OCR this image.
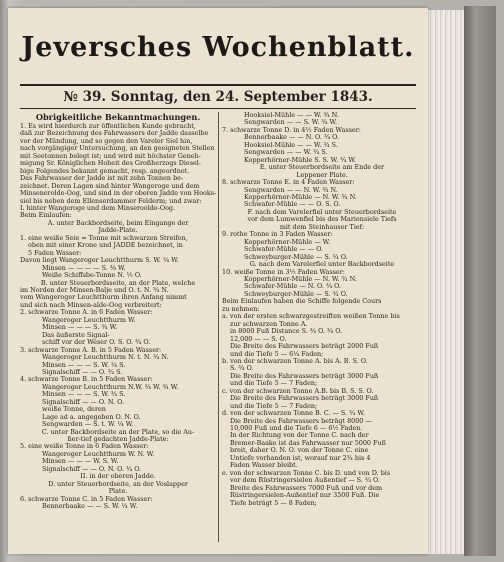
Jeversches Wochenblatt.
№ 39. Sonntag, den 24. September 1843.
Obrigkeitliche Bekanntmachungen.
1. Es wird hierdurch zur öffentlichen Kunde gebracht,
daß zur Bezeichnung des Fahrwassers der Jadde dasselbe
vor der Mündung, und so gegen den Vareler Siel hin,
nach vorgängiger Untersuchung, an den geeigneten Stellen
mit Seetonnen belegt ist; und wird mit höchster Geneh-
migung Sr. Königlichen Hoheit des Großherzogs Diesel-
bige Folgendes bekannt gemacht, resp. angeordnet.
Das Fahrwasser der Jadde ist mit zehn Tonnen be-
zeichnet. Deren Lagen sind hinter Wangeroge und dem
Minsenerolde-Oog, und sind in der oberen Jadde von Hooks-
siel bis neben dem Ellenserdammer Felderm; und zwar:
I. hinter Wangeroge und dem Minseroolde-Oog.
Beim Einlaufen:
A. unter Backbordseite, beim Eingange der
Jadde-Plate.
1. eine weiße Seie = Tonne mit schwarzen Streifen,
oben mit einer Krone und JADDE bezeichnet, in
5 Faden Wasser:
Davon liegt Wangeroger Leuchtthurm S. W. ¼ W.
Minsen — — — — S. ⅜ W.
Weiße Schiffsbe-Tonne N. ½ O.
B. unter Steuerbordsseite, an der Plate, welche
im Norden der Minsen-Balje und O. t. N. ¾ N.
vom Wangeroger Leuchtthurm ihren Anfang nimmt
und sich nach Minsen-alde-Oog verbreitert:
2. schwarze Tonne A. in 6 Faden Wasser:
Wangeroger Leuchtthurm W.
Minsen — — — S. ¾ W.
Das äußerste Signal-
schiff vor der Weser O. S. O. ¾ O.
3. schwarze Tonne A. B. in 5 Faden Wasser:
Wangeroger Leuchtthurm N. t. N. ¾ N.
Minsen — — — S. W. ¼ S.
Signalschiff — — O. ¾ S.
4. schwarze Tonne B. in 5 Faden Wasser:
Wangeroger Leuchtthurm N.W. ¾ W. ¾ W.
Minsen — — — S. W. ¾ S.
Signalschiff — — O. N. O.
weiße Tonne, deren
Lage ad a. angegeben O. N. O.
Sengwarden — S. t. W. ¼ W.
C. unter Backbordseite an der Plate, so die Au-
ßer-tief gedachten Jadde-Plate:
5. eine weiße Tonne in 6 Faden Wasser:
Wangeroger Leuchtthurm W. N. W.
Minsen — — — W. S. W.
Signalschiff — — O. N. O. ¾ O.
II. in der oberen Jadde.
D. unter Steuerbordseite, an der Voslapper
Plate.
6. schwarze Tonne C. in 5 Faden Wasser:
Bennerbaake — — S. W. ¼ W.
Hooksiel-Mühle — — W. ¾ N.
Sengwarden — — S. W. ¾ W.
7. schwarze Tonne D. in 4½ Faden Wasser:
Bennerbaake — — N. O. ¾ O.
Hooksiel-Mühle — — W. ¾ S.
Sengwarden — — W. ¾ S.
Kopperhörner-Mühle S. S. W. ¾ W.
E. unter Steuerbordseite am Ende der
Leppener Plate.
8. schwarze Tonne E. in 4 Faden Wasser:
Sengwarden — — N. W. ¾ N.
Kopperhörner-Mühle — N. W. ¾ N.
Schwafer-Mühle — — O. S. O.
F. nach dem Varelerfiel unter Steuerbordseite
vor dem Lumwenfiel bis des Mariensiele Tiefs
mit dem Steinhauser Tief:
9. rothe Tonne in 3 Faden Wasser:
Kopperhörner-Mühle — W.
Schwafer-Mühle — — O.
Schweyburger-Mühle — S. ¾ O.
G. nach dem Varelerfiel unter Backbordseite
10. weiße Tonne in 3½ Faden Wasser:
Kopperhörner-Mühle — N. W. ¾ N.
Schwafer-Mühle — N. O. ¾ O.
Schweyburger-Mühle — S. ¾ O.
Beim Einlaufen haben die Schiffe folgende Cours
zu nehmen:
a. von der ersten schwarzgestreiften weißen Tonne bis
zur schwarzen Tonne A.
in 8000 Fuß Distance S. ¾ O. ¾ O.
12,000 — — S. O.
Die Breite des Fahrwassers beträgt 2000 Fuß
und die Tiefe 5 — 6¼ Faden;
b. von der schwarzen Tonne A. bis A. B. S. O.
S. ¾ O.
Die Breite des Fahrwassers beträgt 3000 Fuß
und die Tiefe 5 — 7 Faden;
c. von der schwarzen Tonne A.B. bis B. S. S. O.
Die Breite des Fahrwassers beträgt 3000 Fuß
und die Tiefe 5 — 7 Faden;
d. von der schwarzen Tonne B. C. — S. ¾ W.
Die Breite des Fahrwassers beträgt 8000 —
10,000 Fuß und die Tiefe 6 — 6½ Faden.
In der Richtung von der Tonne C. nach der
Bremer-Baake ist das Fahrwasser nur 5000 Fuß
breit, daher O. N. O. von der Tonne C. eine
Untiefe vorhanden ist, worauf nur 2¾ bis 4
Faden Wasser bleibt.
e. von der schwarzen Tonne C. bis D. und von D. bis
vor dem Rüstringersielen Außentief — S. ¾ O.
Breite des Fahrwassers 7000 Fuß und vor dem
Rüstringersielen-Außentief nur 3500 Fuß. Die
Tiefe beträgt 5 — 8 Faden;
